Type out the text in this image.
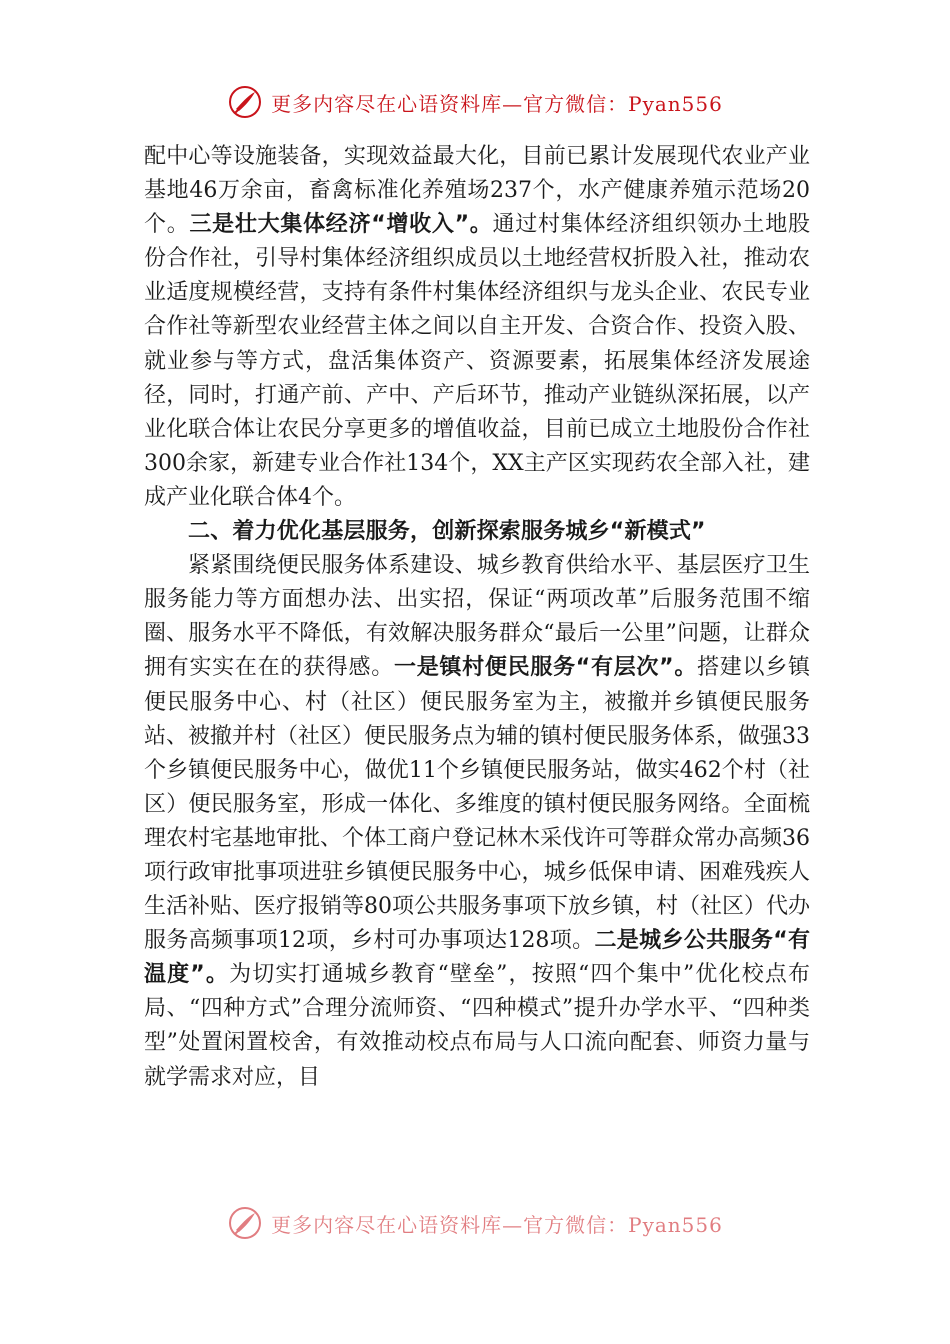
更多内容尽在心语资料库—官方微信：Pyan556

配中心等设施装备，实现效益最大化，目前已累计发展现代农业产业基地46万余亩，畜禽标准化养殖场237个，水产健康养殖示范场20个。三是壮大集体经济“增收入”。通过村集体经济组织领办土地股份合作社，引导村集体经济组织成员以土地经营权折股入社，推动农业适度规模经营，支持有条件村集体经济组织与龙头企业、农民专业合作社等新型农业经营主体之间以自主开发、合资合作、投资入股、就业参与等方式，盘活集体资产、资源要素，拓展集体经济发展途径，同时，打通产前、产中、产后环节，推动产业链纵深拓展，以产业化联合体让农民分享更多的增值收益，目前已成立土地股份合作社300余家，新建专业合作社134个，XX主产区实现药农全部入社，建成产业化联合体4个。

二、着力优化基层服务，创新探索服务城乡“新模式”

紧紧围绕便民服务体系建设、城乡教育供给水平、基层医疗卫生服务能力等方面想办法、出实招，保证“两项改革”后服务范围不缩圈、服务水平不降低，有效解决服务群众“最后一公里”问题，让群众拥有实实在在的获得感。一是镇村便民服务“有层次”。搭建以乡镇便民服务中心、村（社区）便民服务室为主，被撤并乡镇便民服务站、被撤并村（社区）便民服务点为辅的镇村便民服务体系，做强33个乡镇便民服务中心，做优11个乡镇便民服务站，做实462个村（社区）便民服务室，形成一体化、多维度的镇村便民服务网络。全面梳理农村宅基地审批、个体工商户登记林木采伐许可等群众常办高频36项行政审批事项进驻乡镇便民服务中心，城乡低保申请、困难残疾人生活补贴、医疗报销等80项公共服务事项下放乡镇，村（社区）代办服务高频事项12项，乡村可办事项达128项。二是城乡公共服务“有温度”。为切实打通城乡教育“壁垒”，按照“四个集中”优化校点布局、“四种方式”合理分流师资、“四种模式”提升办学水平、“四种类型”处置闲置校舍，有效推动校点布局与人口流向配套、师资力量与就学需求对应，目

更多内容尽在心语资料库—官方微信：Pyan556
